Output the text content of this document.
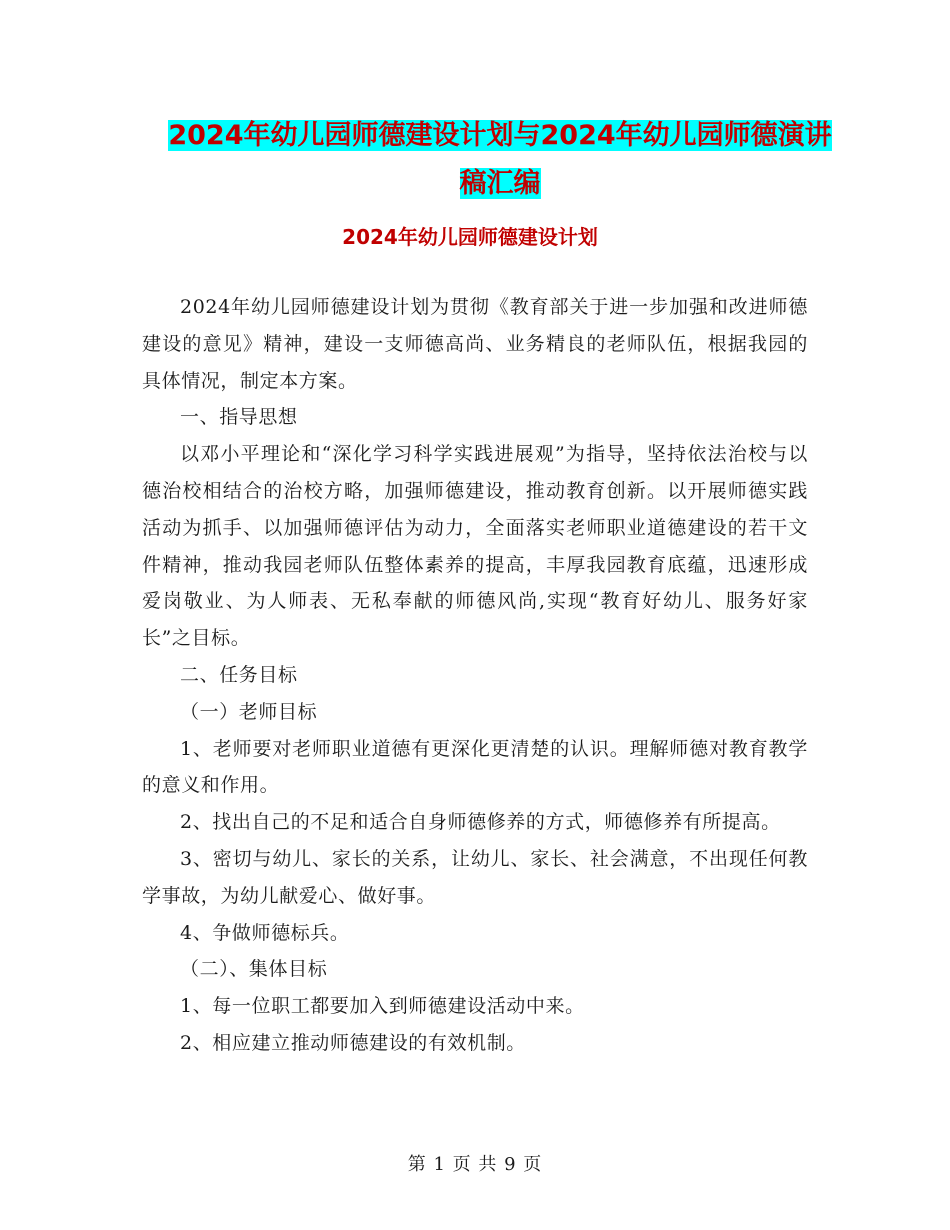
2024年幼儿园师德建设计划与2024年幼儿园师德演讲
稿汇编
2024年幼儿园师德建设计划

2024年幼儿园师德建设计划为贯彻《教育部关于进一步加强和改进师德建设的意见》精神，建设一支师德高尚、业务精良的老师队伍，根据我园的具体情况，制定本方案。

一、指导思想

以邓小平理论和“深化学习科学实践进展观”为指导，坚持依法治校与以德治校相结合的治校方略，加强师德建设，推动教育创新。以开展师德实践活动为抓手、以加强师德评估为动力，全面落实老师职业道德建设的若干文件精神，推动我园老师队伍整体素养的提高，丰厚我园教育底蕴，迅速形成爱岗敬业、为人师表、无私奉献的师德风尚,实现“教育好幼儿、服务好家长”之目标。

二、任务目标

（一）老师目标

1、老师要对老师职业道德有更深化更清楚的认识。理解师德对教育教学的意义和作用。

2、找出自己的不足和适合自身师德修养的方式，师德修养有所提高。

3、密切与幼儿、家长的关系，让幼儿、家长、社会满意，不出现任何教学事故，为幼儿献爱心、做好事。

4、争做师德标兵。

（二）、集体目标

1、每一位职工都要加入到师德建设活动中来。

2、相应建立推动师德建设的有效机制。

第 1 页 共 9 页
